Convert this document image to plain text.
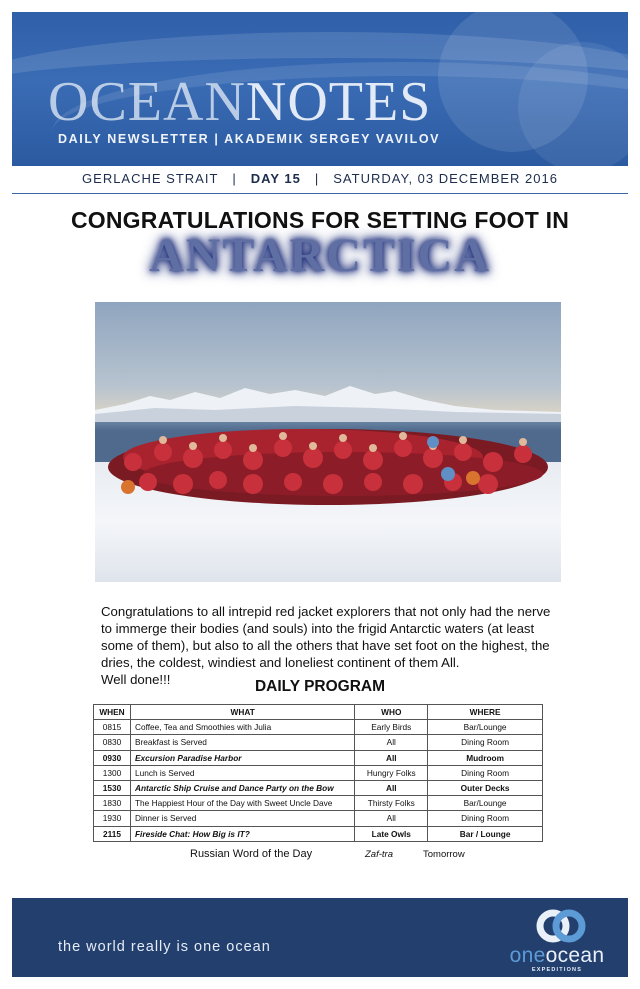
OCEANNOTES
DAILY NEWSLETTER | AKADEMIK SERGEY VAVILOV
GERLACHE STRAIT | DAY 15 | SATURDAY, 03 DECEMBER 2016
CONGRATULATIONS FOR SETTING FOOT IN
ANTARCTICA
Congratulations to all intrepid red jacket explorers that not only had the nerve to immerge their bodies (and souls) into the frigid Antarctic waters (at least some of them), but also to all the others that have set foot on the highest, the dries, the coldest, windiest and loneliest continent of them All.
Well done!!!	DAILY PROGRAM
WHEN	WHAT	WHO	WHERE
0815	Coffee, Tea and Smoothies with Julia	Early Birds	Bar/Lounge
0830	Breakfast is Served	All	Dining Room
0930	Excursion Paradise Harbor	All	Mudroom
1300	Lunch is Served	Hungry Folks	Dining Room
1530	Antarctic Ship Cruise and Dance Party on the Bow	All	Outer Decks
1830	The Happiest Hour of the Day with Sweet Uncle Dave	Thirsty Folks	Bar/Lounge
1930	Dinner is Served	All	Dining Room
2115	Fireside Chat: How Big is IT?	Late Owls	Bar / Lounge
Russian Word of the Day	Zaf-tra	Tomorrow
the world really is one ocean	oneocean
EXPEDITIONS
